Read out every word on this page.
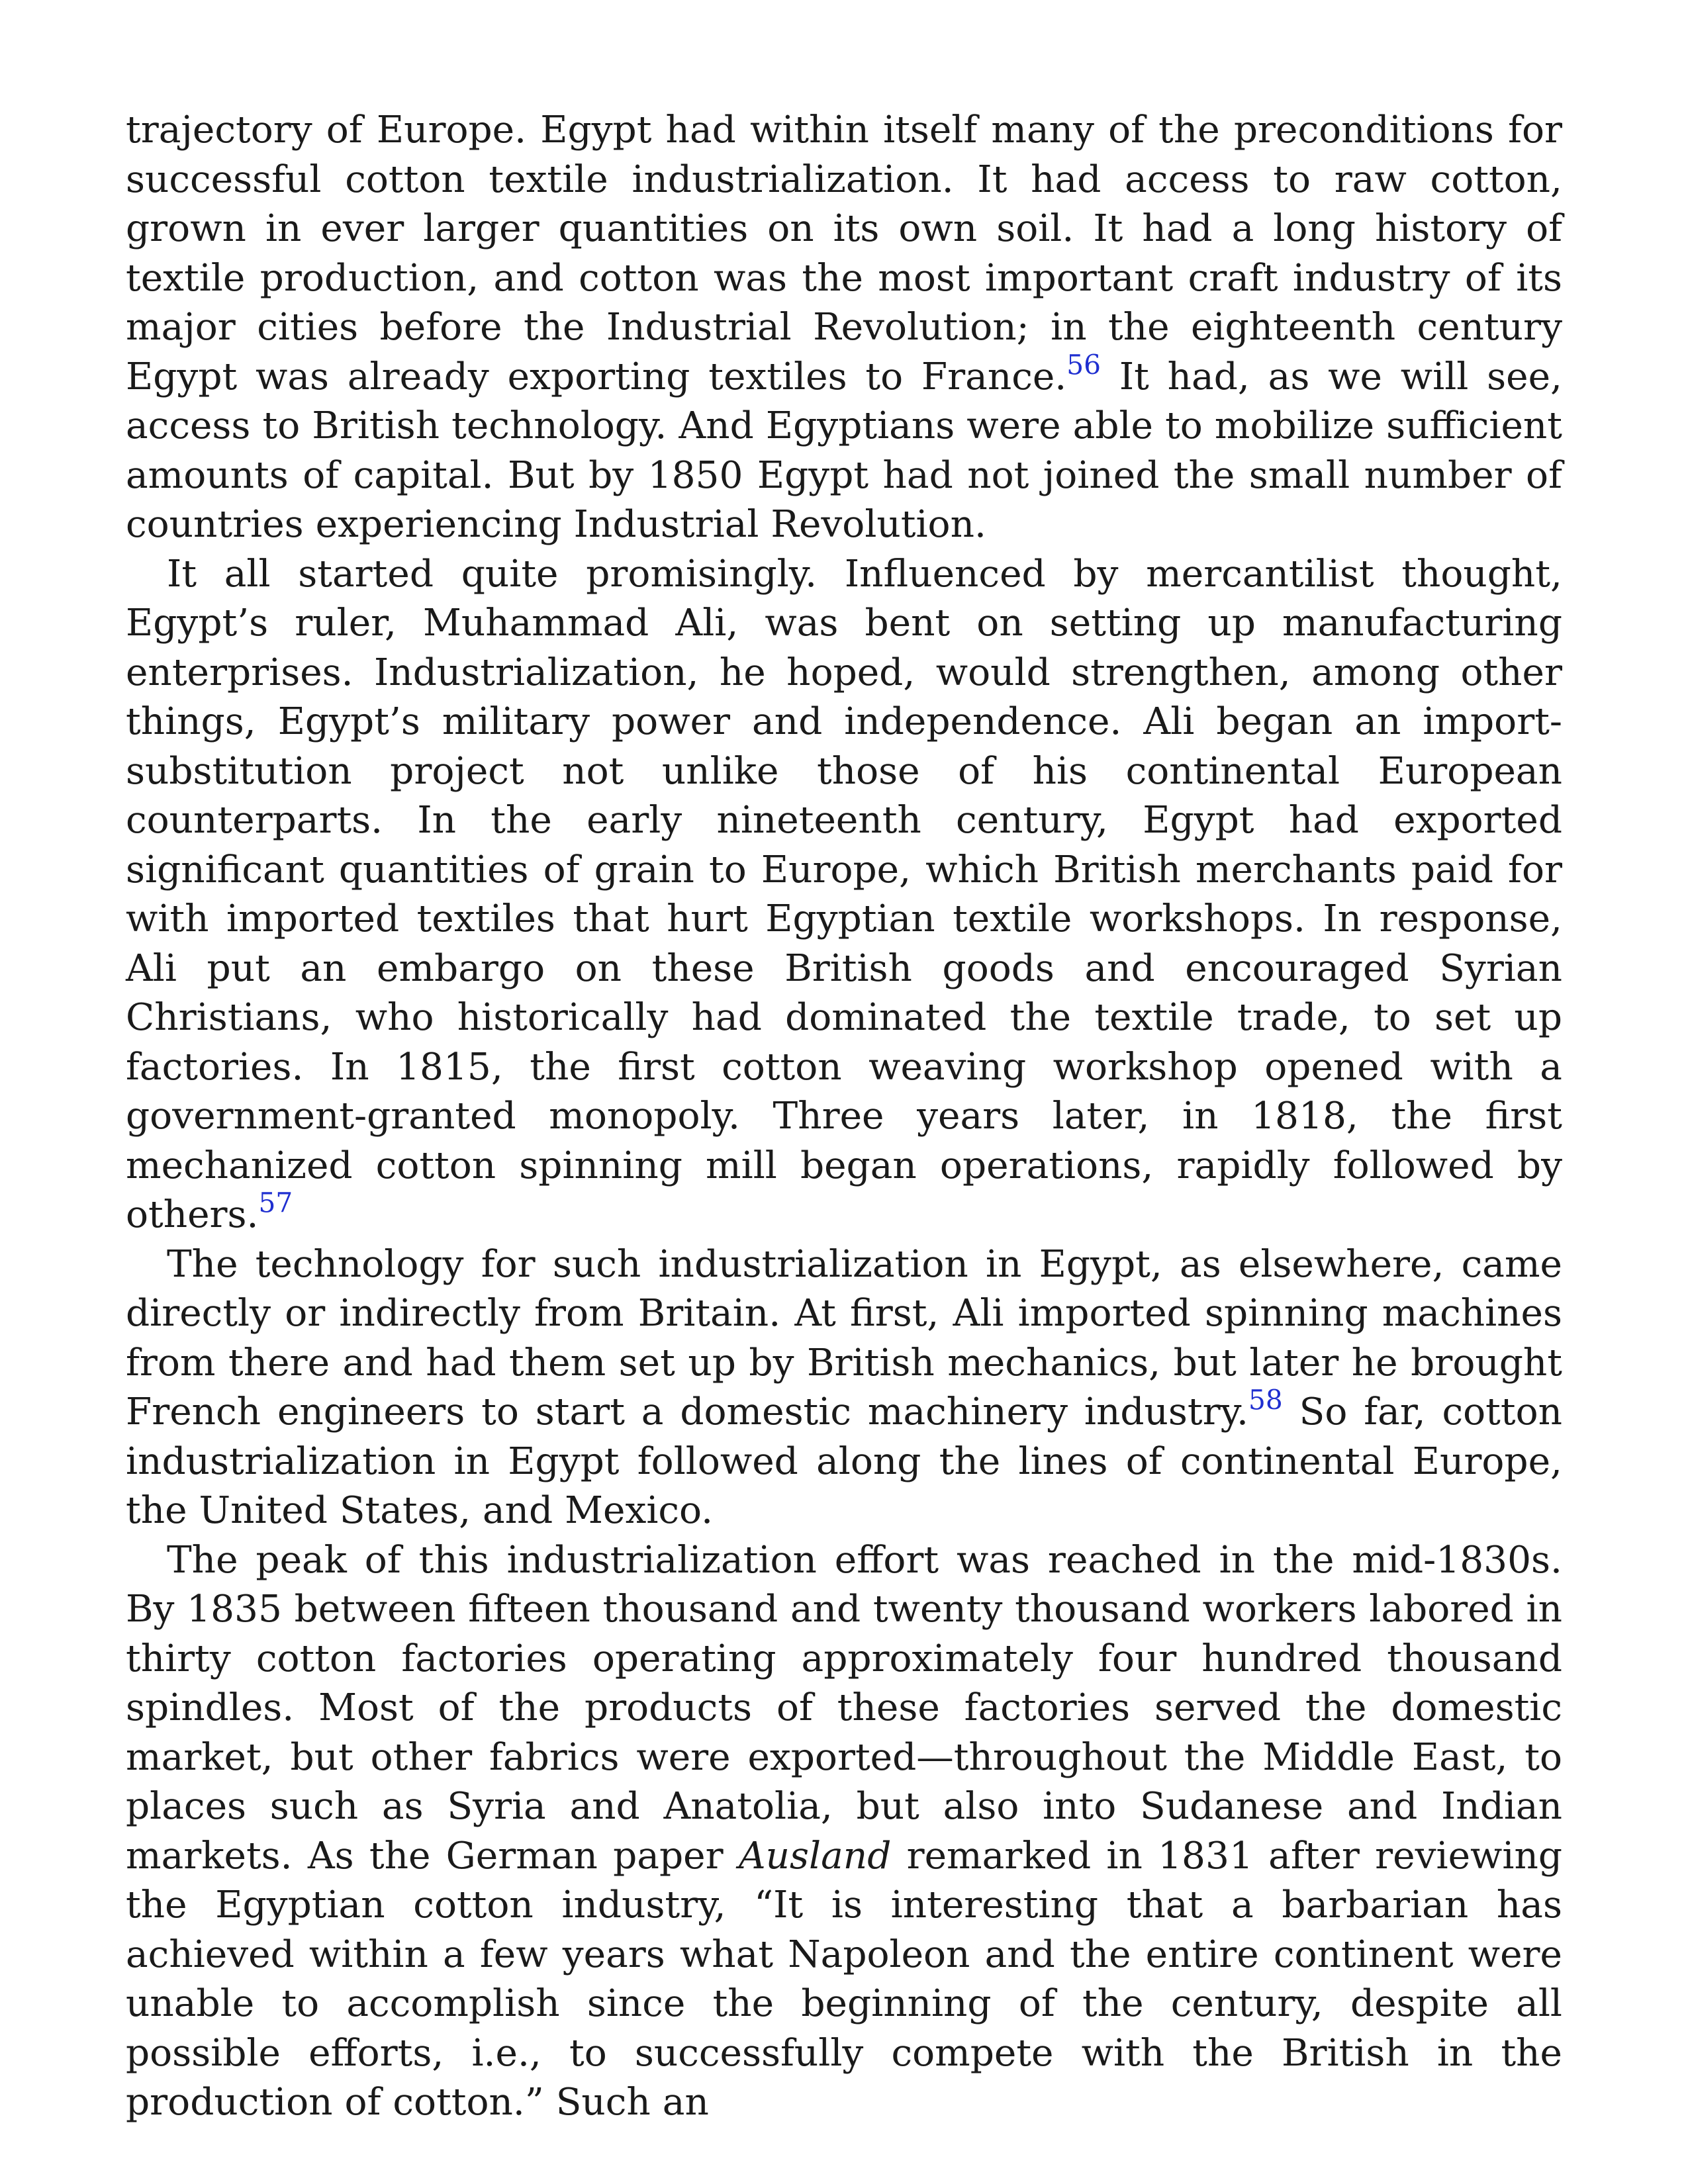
trajectory of Europe. Egypt had within itself many of the preconditions for successful cotton textile industrialization. It had access to raw cotton, grown in ever larger quantities on its own soil. It had a long history of textile production, and cotton was the most important craft industry of its major cities before the Industrial Revolution; in the eighteenth century Egypt was already exporting textiles to France.$^{56}$ It had, as we will see, access to British technology. And Egyptians were able to mobilize sufficient amounts of capital. But by 1850 Egypt had not joined the small number of countries experiencing Industrial Revolution.

It all started quite promisingly. Influenced by mercantilist thought, Egypt’s ruler, Muhammad Ali, was bent on setting up manufacturing enterprises. Industrialization, he hoped, would strengthen, among other things, Egypt’s military power and independence. Ali began an import-substitution project not unlike those of his continental European counterparts. In the early nineteenth century, Egypt had exported significant quantities of grain to Europe, which British merchants paid for with imported textiles that hurt Egyptian textile workshops. In response, Ali put an embargo on these British goods and encouraged Syrian Christians, who historically had dominated the textile trade, to set up factories. In 1815, the first cotton weaving workshop opened with a government-granted monopoly. Three years later, in 1818, the first mechanized cotton spinning mill began operations, rapidly followed by others.$^{57}$

The technology for such industrialization in Egypt, as elsewhere, came directly or indirectly from Britain. At first, Ali imported spinning machines from there and had them set up by British mechanics, but later he brought French engineers to start a domestic machinery industry.$^{58}$ So far, cotton industrialization in Egypt followed along the lines of continental Europe, the United States, and Mexico.

The peak of this industrialization effort was reached in the mid-1830s. By 1835 between fifteen thousand and twenty thousand workers labored in thirty cotton factories operating approximately four hundred thousand spindles. Most of the products of these factories served the domestic market, but other fabrics were exported—throughout the Middle East, to places such as Syria and Anatolia, but also into Sudanese and Indian markets. As the German paper Ausland remarked in 1831 after reviewing the Egyptian cotton industry, “It is interesting that a barbarian has achieved within a few years what Napoleon and the entire continent were unable to accomplish since the beginning of the century, despite all possible efforts, i.e., to successfully compete with the British in the production of cotton.” Such an
